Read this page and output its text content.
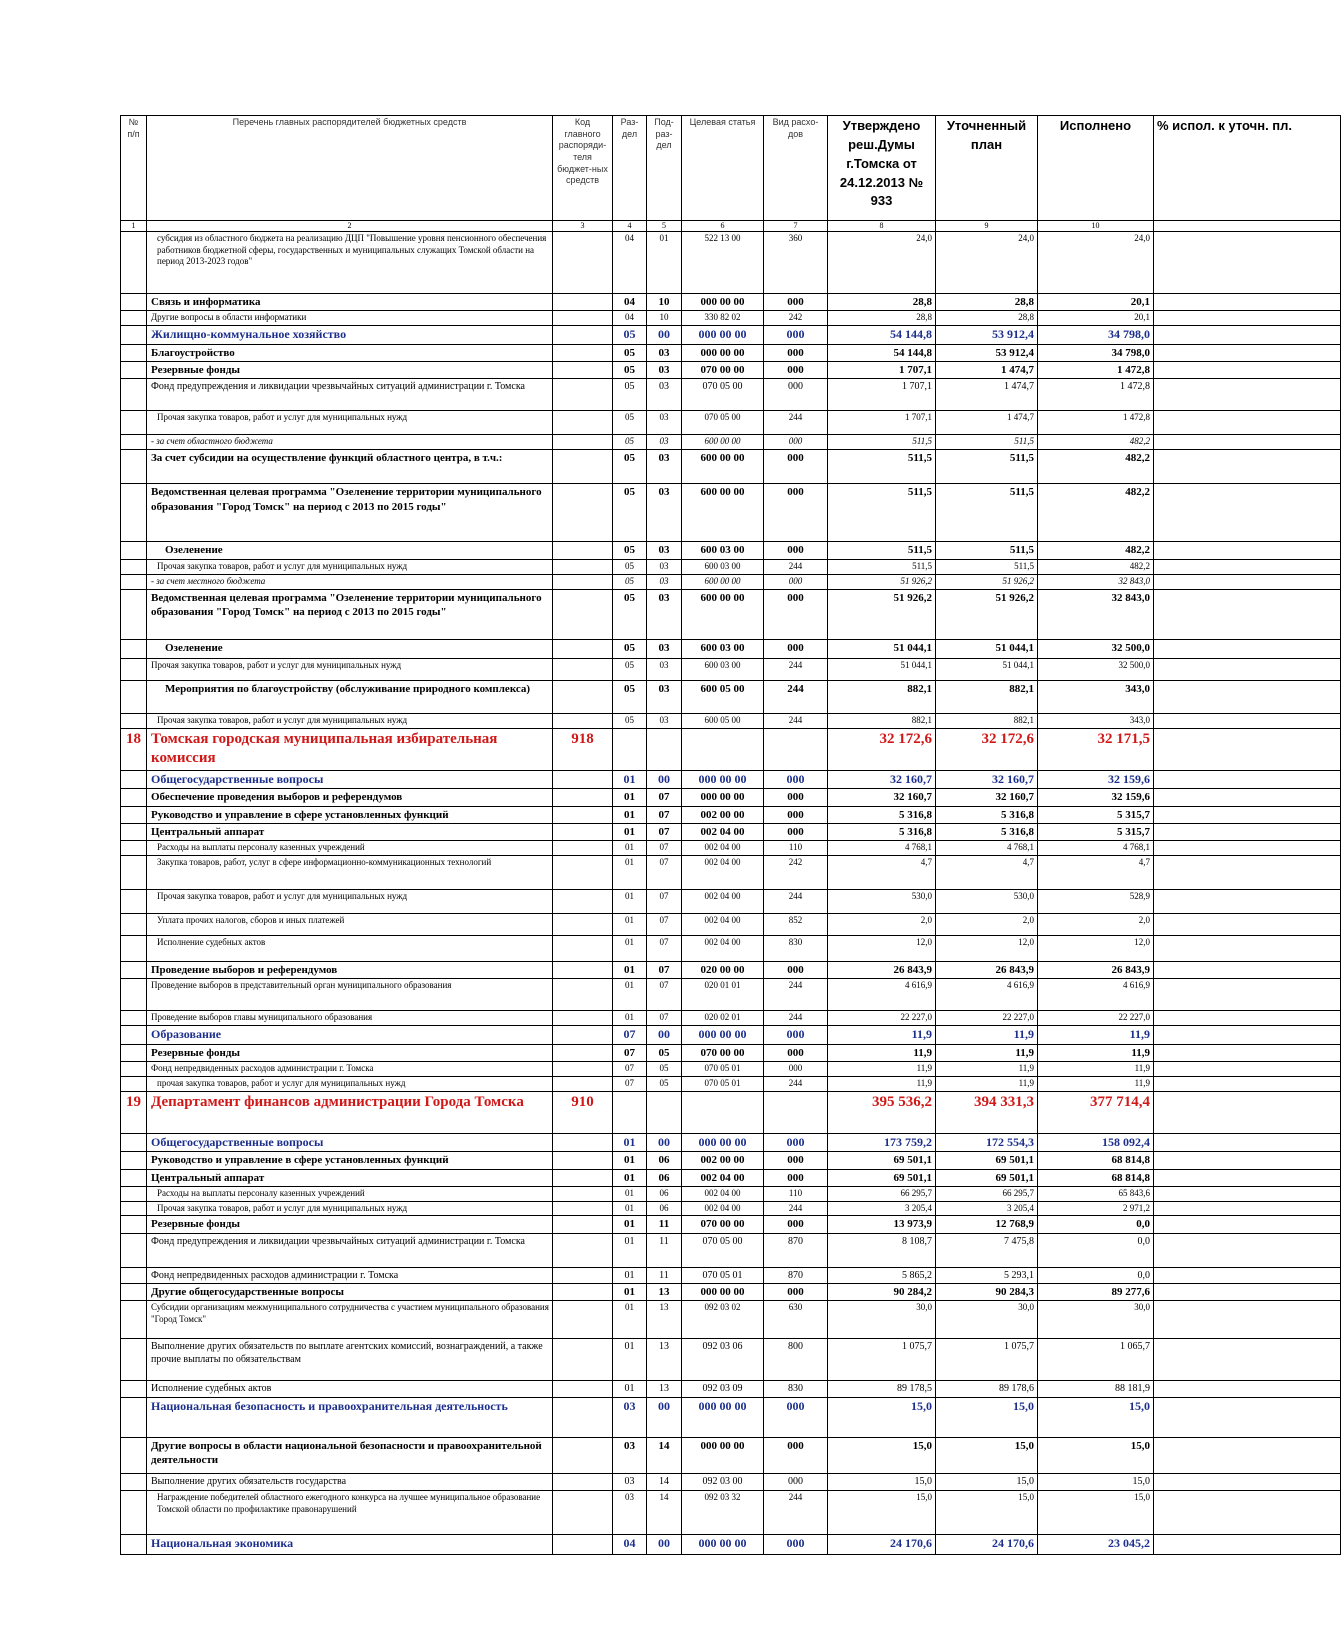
№ п/п	Перечень главных распорядителей бюджетных средств	Код главного распоряди-теля бюджет-ных средств	Раз-дел	Под-раз-дел	Целевая статья	Вид расхо-дов	Утверждено реш.Думы г.Томска от 24.12.2013 № 933	Уточненный план	Исполнено	% испол. к уточн. пл.
1	2	3	4	5	6	7	8	9	10	
	субсидия из областного бюджета на реализацию ДЦП "Повышение уровня пенсионного обеспечения работников бюджетной сферы, государственных и муниципальных служащих Томской области на период 2013-2023 годов"		04	01	522 13 00	360	24,0	24,0	24,0	
	Связь и информатика		04	10	000 00 00	000	28,8	28,8	20,1	
	Другие вопросы в области информатики		04	10	330 82 02	242	28,8	28,8	20,1	
	Жилищно-коммунальное хозяйство		05	00	000 00 00	000	54 144,8	53 912,4	34 798,0	
	Благоустройство		05	03	000 00 00	000	54 144,8	53 912,4	34 798,0	
	Резервные фонды		05	03	070 00 00	000	1 707,1	1 474,7	1 472,8	
	Фонд предупреждения и ликвидации чрезвычайных ситуаций администрации г. Томска		05	03	070 05 00	000	1 707,1	1 474,7	1 472,8	
	Прочая закупка товаров, работ и услуг для муниципальных нужд		05	03	070 05 00	244	1 707,1	1 474,7	1 472,8	
	- за счет областного бюджета		05	03	600 00 00	000	511,5	511,5	482,2	
	За счет субсидии на осуществление функций областного центра, в т.ч.:		05	03	600 00 00	000	511,5	511,5	482,2	
	Ведомственная целевая программа "Озеленение территории муниципального образования "Город Томск" на период с 2013 по 2015 годы"		05	03	600 00 00	000	511,5	511,5	482,2	
	Озеленение		05	03	600 03 00	000	511,5	511,5	482,2	
	Прочая закупка товаров, работ и услуг для муниципальных нужд		05	03	600 03 00	244	511,5	511,5	482,2	
	- за счет местного бюджета		05	03	600 00 00	000	51 926,2	51 926,2	32 843,0	
	Ведомственная целевая программа "Озеленение территории муниципального образования "Город Томск" на период с 2013 по 2015 годы"		05	03	600 00 00	000	51 926,2	51 926,2	32 843,0	
	Озеленение		05	03	600 03 00	000	51 044,1	51 044,1	32 500,0	
	Прочая закупка товаров, работ и услуг для муниципальных нужд		05	03	600 03 00	244	51 044,1	51 044,1	32 500,0	
	Мероприятия по благоустройству (обслуживание природного комплекса)		05	03	600 05 00	244	882,1	882,1	343,0	
	Прочая закупка товаров, работ и услуг для муниципальных нужд		05	03	600 05 00	244	882,1	882,1	343,0	
18	Томская городская муниципальная избирательная комиссия	918					32 172,6	32 172,6	32 171,5	
	Общегосударственные вопросы		01	00	000 00 00	000	32 160,7	32 160,7	32 159,6	
	Обеспечение проведения выборов и референдумов		01	07	000 00 00	000	32 160,7	32 160,7	32 159,6	
	Руководство и управление в сфере установленных функций		01	07	002 00 00	000	5 316,8	5 316,8	5 315,7	
	Центральный аппарат		01	07	002 04 00	000	5 316,8	5 316,8	5 315,7	
	Расходы на выплаты персоналу казенных учреждений		01	07	002 04 00	110	4 768,1	4 768,1	4 768,1	
	Закупка товаров, работ, услуг в сфере информационно-коммуникационных технологий		01	07	002 04 00	242	4,7	4,7	4,7	
	Прочая закупка товаров, работ и услуг для муниципальных нужд		01	07	002 04 00	244	530,0	530,0	528,9	
	Уплата прочих налогов, сборов и иных платежей		01	07	002 04 00	852	2,0	2,0	2,0	
	Исполнение судебных актов		01	07	002 04 00	830	12,0	12,0	12,0	
	Проведение выборов и референдумов		01	07	020 00 00	000	26 843,9	26 843,9	26 843,9	
	Проведение выборов в представительный орган муниципального образования		01	07	020 01 01	244	4 616,9	4 616,9	4 616,9	
	Проведение выборов главы муниципального образования		01	07	020 02 01	244	22 227,0	22 227,0	22 227,0	
	Образование		07	00	000 00 00	000	11,9	11,9	11,9	
	Резервные фонды		07	05	070 00 00	000	11,9	11,9	11,9	
	Фонд непредвиденных расходов администрации г. Томска		07	05	070 05 01	000	11,9	11,9	11,9	
	прочая закупка товаров, работ и услуг для муниципальных нужд		07	05	070 05 01	244	11,9	11,9	11,9	
19	Департамент финансов администрации Города Томска	910					395 536,2	394 331,3	377 714,4	
	Общегосударственные вопросы		01	00	000 00 00	000	173 759,2	172 554,3	158 092,4	
	Руководство и управление в сфере установленных функций		01	06	002 00 00	000	69 501,1	69 501,1	68 814,8	
	Центральный аппарат		01	06	002 04 00	000	69 501,1	69 501,1	68 814,8	
	Расходы на выплаты персоналу казенных учреждений		01	06	002 04 00	110	66 295,7	66 295,7	65 843,6	
	Прочая закупка товаров, работ и услуг для муниципальных нужд		01	06	002 04 00	244	3 205,4	3 205,4	2 971,2	
	Резервные фонды		01	11	070 00 00	000	13 973,9	12 768,9	0,0	
	Фонд предупреждения и ликвидации чрезвычайных ситуаций администрации г. Томска		01	11	070 05 00	870	8 108,7	7 475,8	0,0	
	Фонд непредвиденных расходов администрации г. Томска		01	11	070 05 01	870	5 865,2	5 293,1	0,0	
	Другие общегосударственные вопросы		01	13	000 00 00	000	90 284,2	90 284,3	89 277,6	
	Субсидии организациям межмуниципального сотрудничества с участием муниципального образования "Город Томск"		01	13	092 03 02	630	30,0	30,0	30,0	
	Выполнение других обязательств по выплате агентских комиссий, вознаграждений, а также прочие выплаты по обязательствам		01	13	092 03 06	800	1 075,7	1 075,7	1 065,7	
	Исполнение судебных актов		01	13	092 03 09	830	89 178,5	89 178,6	88 181,9	
	Национальная безопасность и правоохранительная деятельность		03	00	000 00 00	000	15,0	15,0	15,0	
	Другие вопросы в области национальной безопасности и правоохранительной деятельности		03	14	000 00 00	000	15,0	15,0	15,0	
	Выполнение других обязательств государства		03	14	092 03 00	000	15,0	15,0	15,0	
	Награждение победителей областного ежегодного конкурса на лучшее муниципальное образование Томской области по профилактике правонарушений		03	14	092 03 32	244	15,0	15,0	15,0	
	Национальная экономика		04	00	000 00 00	000	24 170,6	24 170,6	23 045,2	
